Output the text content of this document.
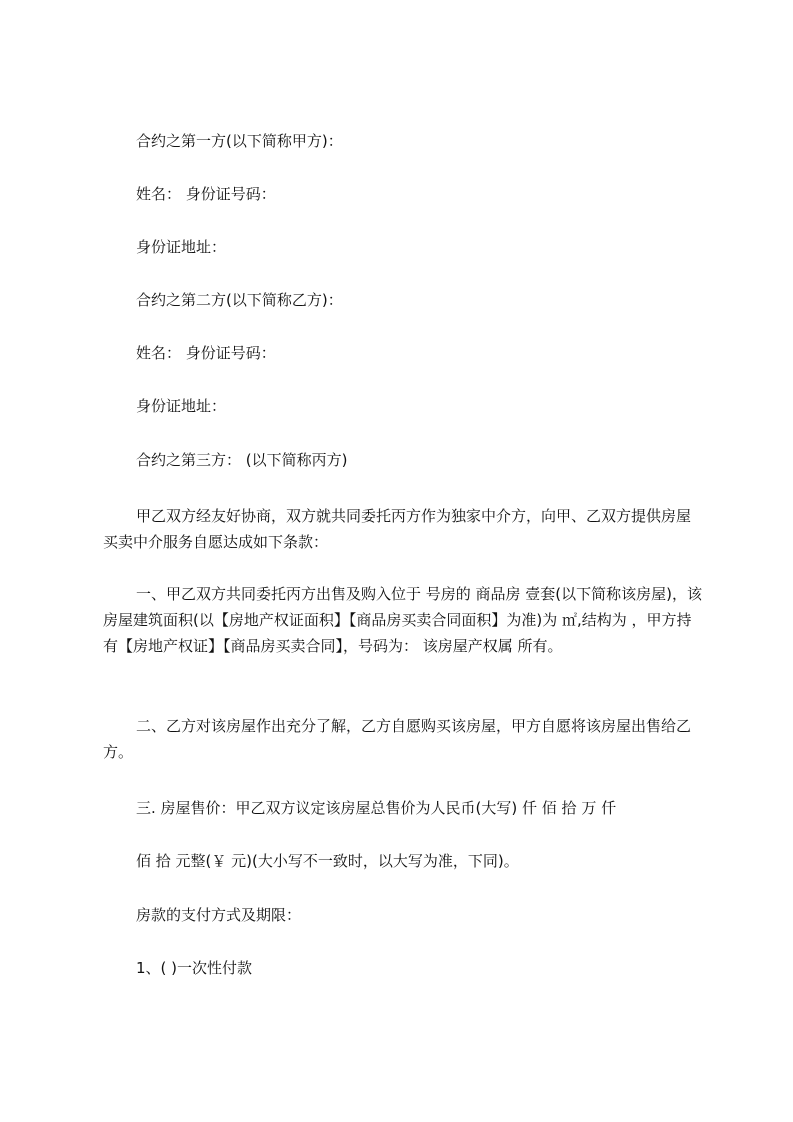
合约之第一方(以下简称甲方)：
姓名： 身份证号码：
身份证地址：
合约之第二方(以下简称乙方)：
姓名： 身份证号码：
身份证地址：
合约之第三方： (以下简称丙方)
甲乙双方经友好协商，双方就共同委托丙方作为独家中介方，向甲、乙双方提供房屋买卖中介服务自愿达成如下条款：
一、甲乙双方共同委托丙方出售及购入位于 号房的 商品房 壹套(以下简称该房屋)，该房屋建筑面积(以【房地产权证面积】【商品房买卖合同面积】为准)为 ㎡,结构为 ，甲方持有【房地产权证】【商品房买卖合同】，号码为： 该房屋产权属 所有。
二、乙方对该房屋作出充分了解，乙方自愿购买该房屋，甲方自愿将该房屋出售给乙方。
三. 房屋售价：甲乙双方议定该房屋总售价为人民币(大写) 仟 佰 拾 万 仟
佰 拾 元整(￥ 元)(大小写不一致时，以大写为准，下同)。
房款的支付方式及期限：
1、( )一次性付款
